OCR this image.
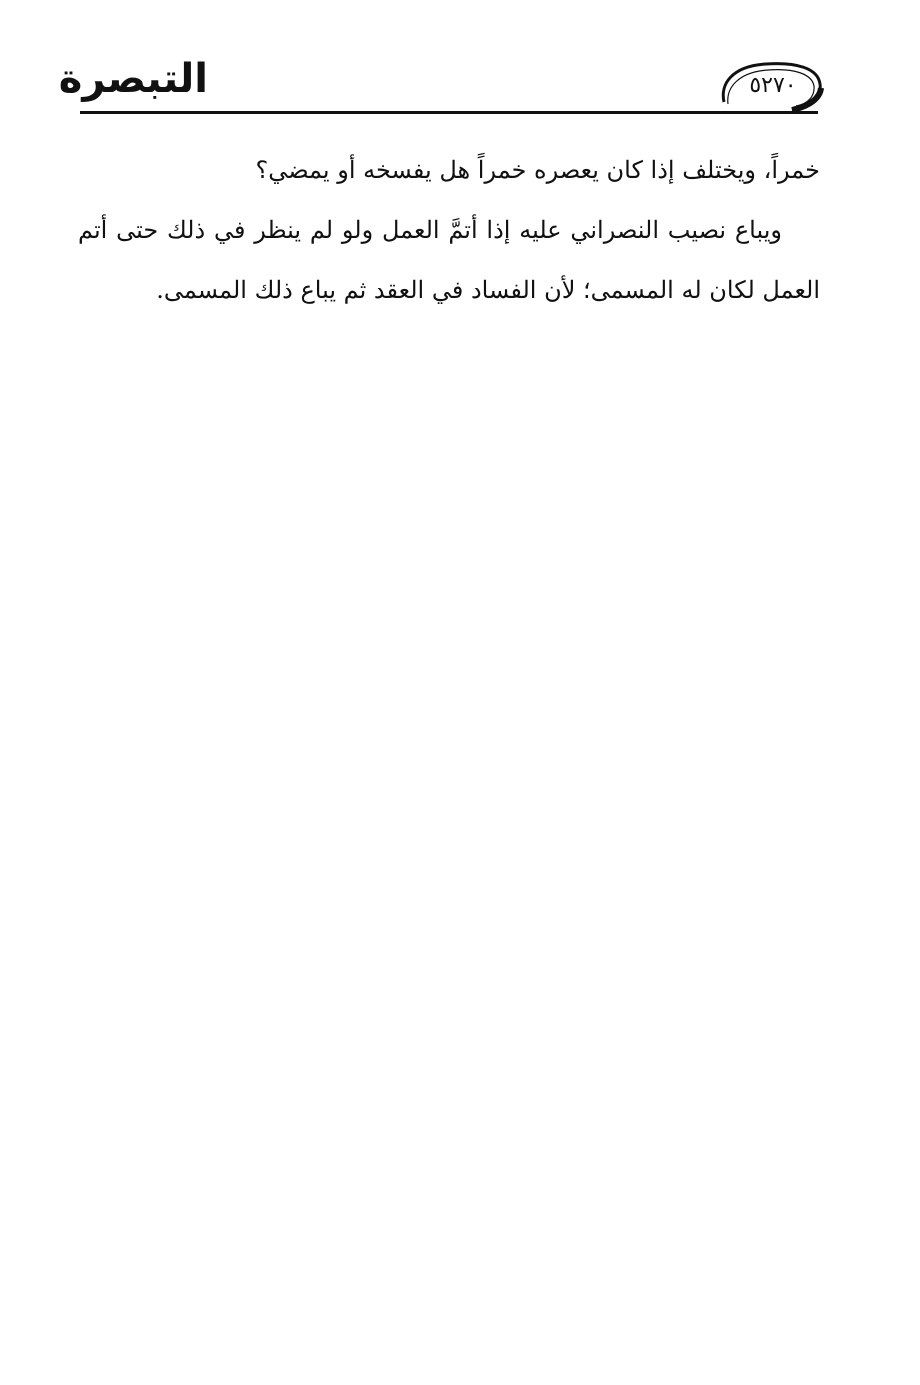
التبصرة	٥٢٧٠

خمراً، ويختلف إذا كان يعصره خمراً هل يفسخه أو يمضي؟

ويباع نصيب النصراني عليه إذا أتمَّ العمل ولو لم ينظر في ذلك حتى أتم العمل لكان له المسمى؛ لأن الفساد في العقد ثم يباع ذلك المسمى.
